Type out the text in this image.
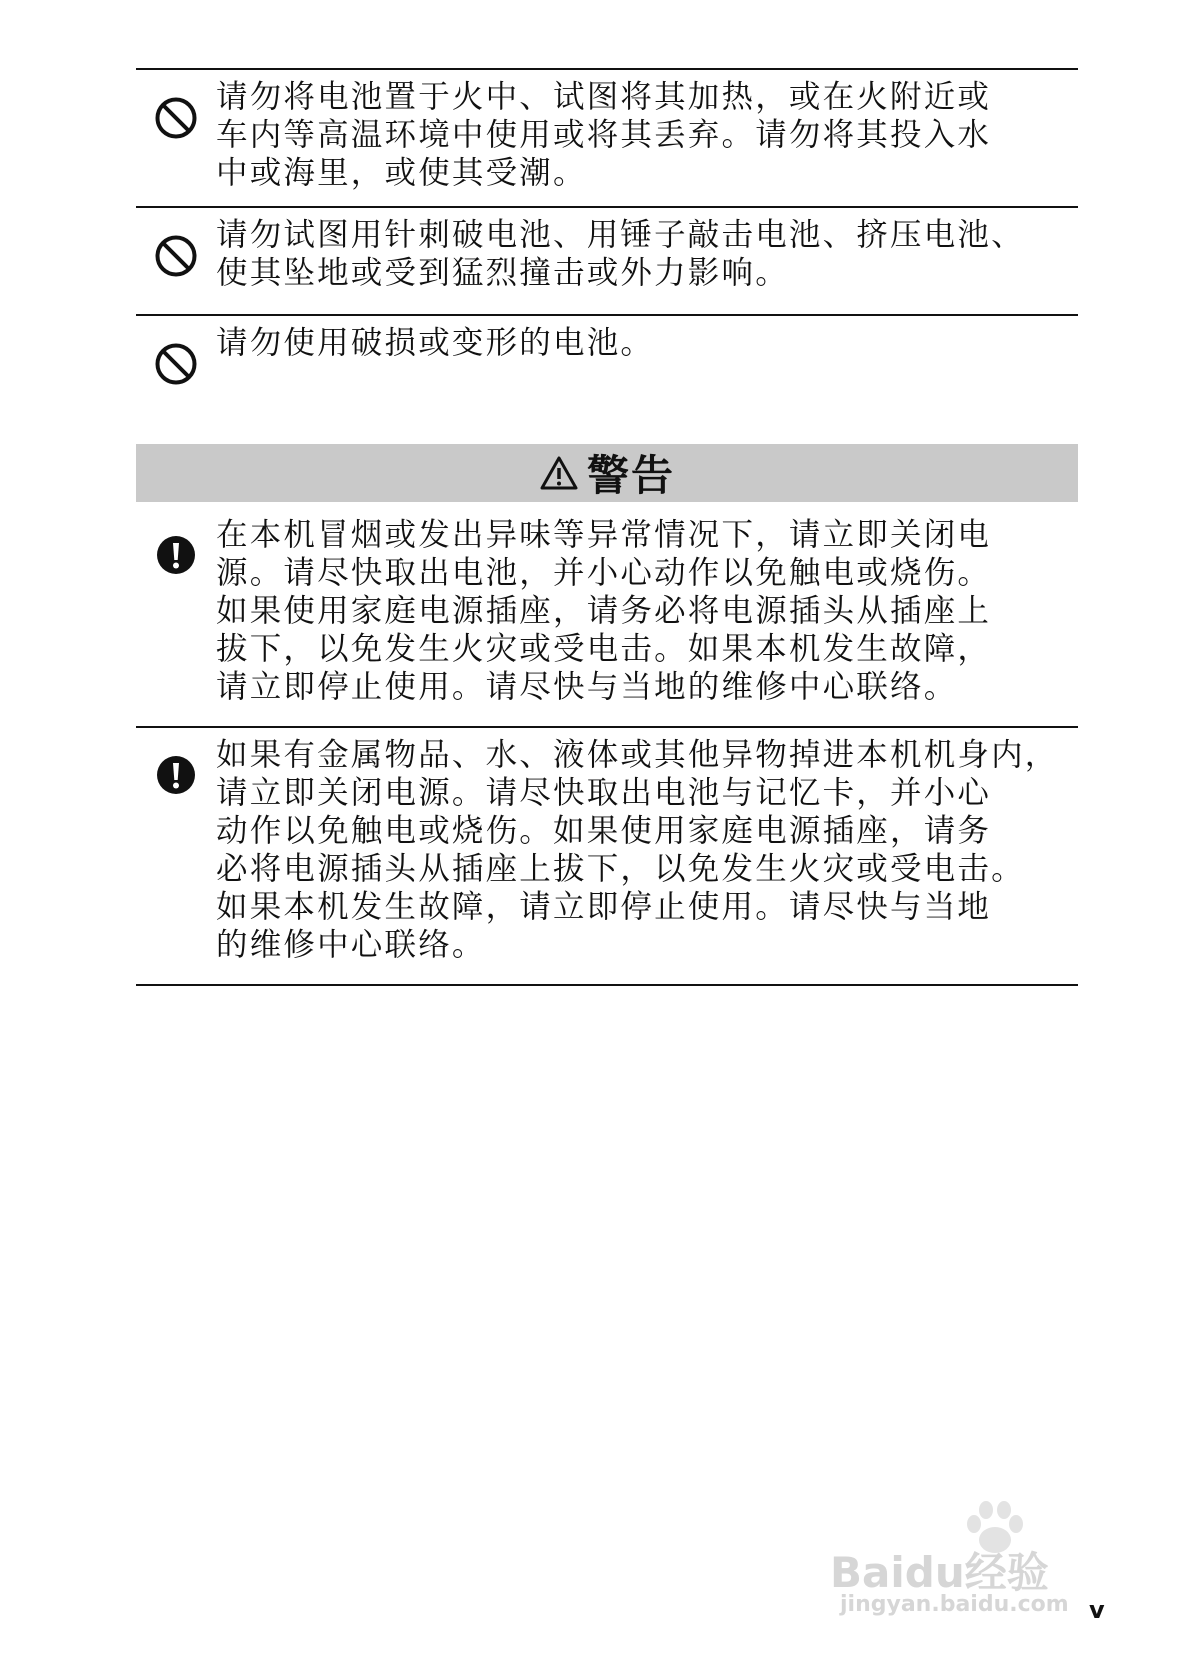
请勿将电池置于火中、试图将其加热，或在火附近或
车内等高温环境中使用或将其丢弃。请勿将其投入水
中或海里，或使其受潮。

请勿试图用针刺破电池、用锤子敲击电池、挤压电池、
使其坠地或受到猛烈撞击或外力影响。

请勿使用破损或变形的电池。

警告

在本机冒烟或发出异味等异常情况下，请立即关闭电
源。请尽快取出电池，并小心动作以免触电或烧伤。
如果使用家庭电源插座，请务必将电源插头从插座上
拔下，以免发生火灾或受电击。如果本机发生故障，
请立即停止使用。请尽快与当地的维修中心联络。

如果有金属物品、水、液体或其他异物掉进本机机身内，
请立即关闭电源。请尽快取出电池与记忆卡，并小心
动作以免触电或烧伤。如果使用家庭电源插座，请务
必将电源插头从插座上拔下，以免发生火灾或受电击。
如果本机发生故障，请立即停止使用。请尽快与当地
的维修中心联络。

Baidu经验
jingyan.baidu.com v
